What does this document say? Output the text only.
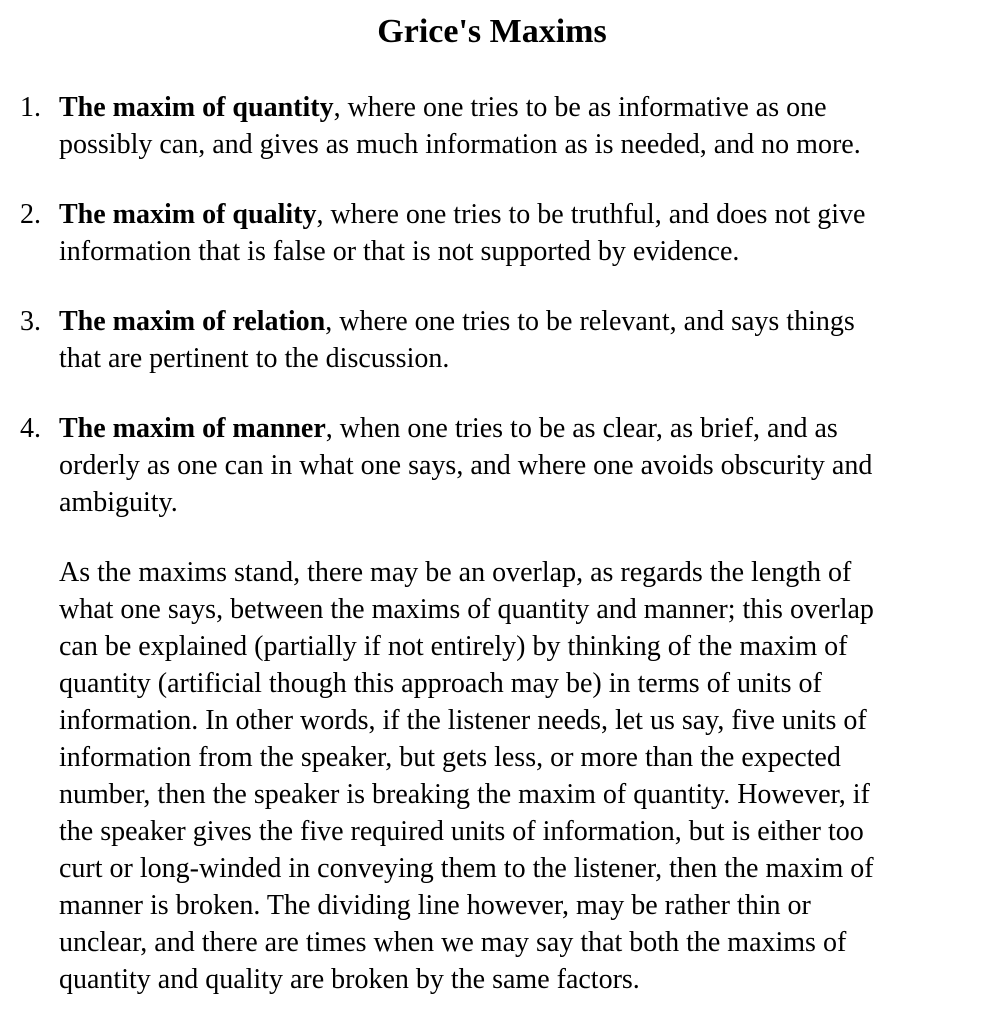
Grice's Maxims
1. The maxim of quantity, where one tries to be as informative as one
possibly can, and gives as much information as is needed, and no more.
2. The maxim of quality, where one tries to be truthful, and does not give
information that is false or that is not supported by evidence.
3. The maxim of relation, where one tries to be relevant, and says things
that are pertinent to the discussion.
4. The maxim of manner, when one tries to be as clear, as brief, and as
orderly as one can in what one says, and where one avoids obscurity and
ambiguity.
As the maxims stand, there may be an overlap, as regards the length of
what one says, between the maxims of quantity and manner; this overlap
can be explained (partially if not entirely) by thinking of the maxim of
quantity (artificial though this approach may be) in terms of units of
information. In other words, if the listener needs, let us say, five units of
information from the speaker, but gets less, or more than the expected
number, then the speaker is breaking the maxim of quantity. However, if
the speaker gives the five required units of information, but is either too
curt or long-winded in conveying them to the listener, then the maxim of
manner is broken. The dividing line however, may be rather thin or
unclear, and there are times when we may say that both the maxims of
quantity and quality are broken by the same factors.
